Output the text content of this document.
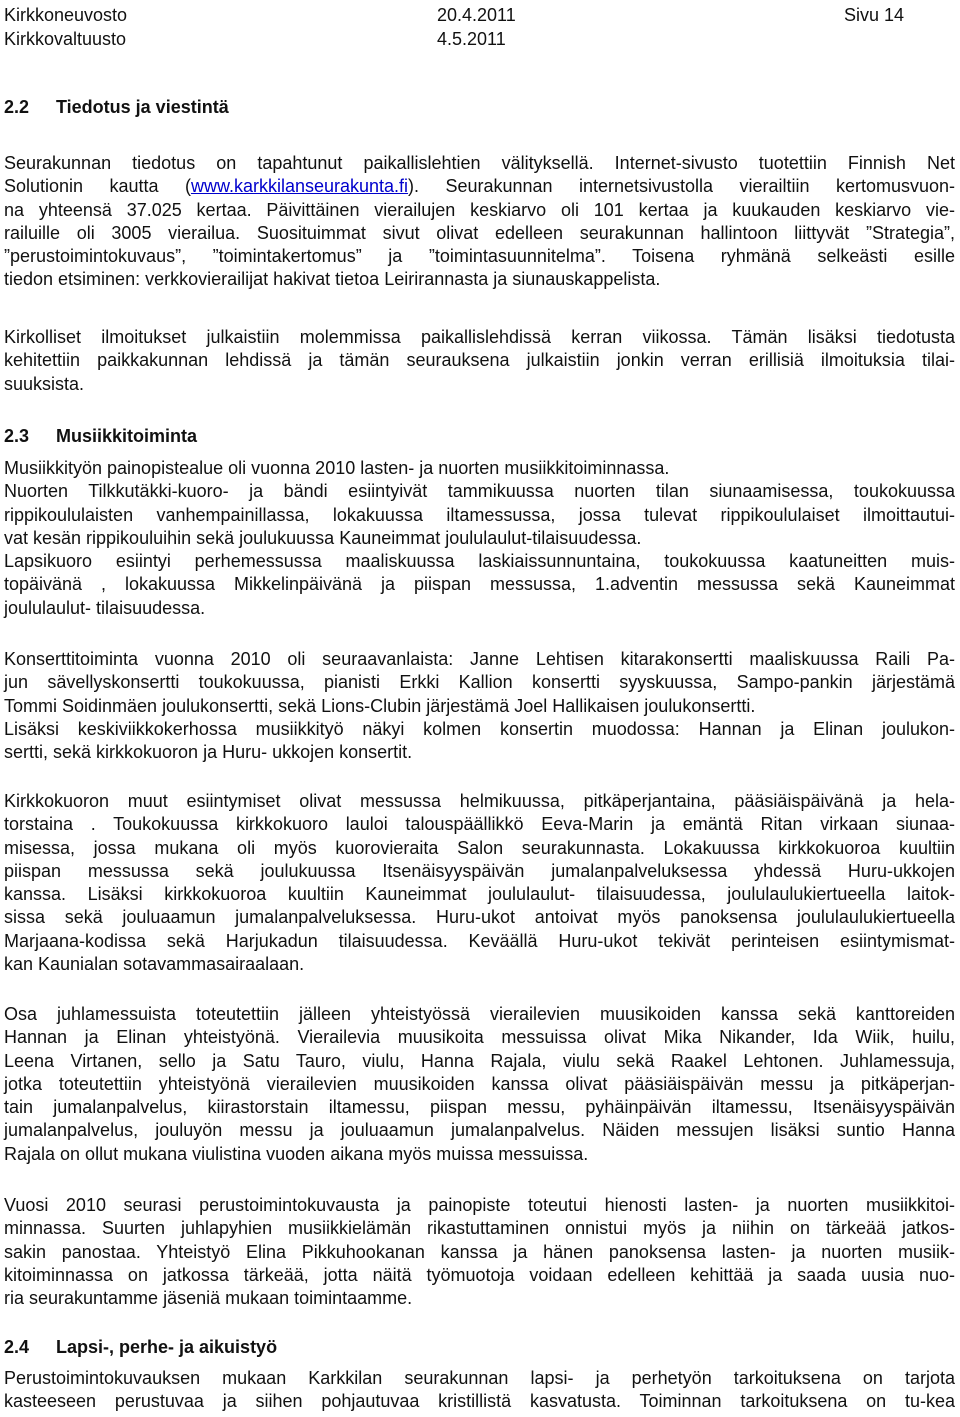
Kirkkoneuvosto	20.4.2011	Sivu 14
Kirkkovaltuusto	4.5.2011
2.2 Tiedotus ja viestintä
Seurakunnan tiedotus on tapahtunut paikallislehtien välityksellä. Internet-sivusto tuotettiin Finnish Net
Solutionin kautta (www.karkkilanseurakunta.fi). Seurakunnan internetsivustolla vierailtiin kertomusvuon-
na yhteensä 37.025 kertaa. Päivittäinen vierailujen keskiarvo oli 101 kertaa ja kuukauden keskiarvo vie-
railuille oli 3005 vierailua. Suosituimmat sivut olivat edelleen seurakunnan hallintoon liittyvät ”Strategia”,
”perustoimintokuvaus”, ”toimintakertomus” ja ”toimintasuunnitelma”. Toisena ryhmänä selkeästi esille
tiedon etsiminen: verkkovierailijat hakivat tietoa Leirirannasta ja siunauskappelista.
Kirkolliset ilmoitukset julkaistiin molemmissa paikallislehdissä kerran viikossa. Tämän lisäksi tiedotusta
kehitettiin paikkakunnan lehdissä ja tämän seurauksena julkaistiin jonkin verran erillisiä ilmoituksia tilai-
suuksista.
2.3 Musiikkitoiminta
Musiikkityön painopistealue oli vuonna 2010 lasten- ja nuorten musiikkitoiminnassa.
Nuorten Tilkkutäkki-kuoro- ja bändi esiintyivät tammikuussa nuorten tilan siunaamisessa, toukokuussa
rippikoululaisten vanhempainillassa, lokakuussa iltamessussa, jossa tulevat rippikoululaiset ilmoittautui-
vat kesän rippikouluihin sekä joulukuussa Kauneimmat joululaulut-tilaisuudessa.
Lapsikuoro esiintyi perhemessussa maaliskuussa laskiaissunnuntaina, toukokuussa kaatuneitten muis-
topäivänä , lokakuussa Mikkelinpäivänä ja piispan messussa, 1.adventin messussa sekä Kauneimmat
joululaulut- tilaisuudessa.
Konserttitoiminta vuonna 2010 oli seuraavanlaista: Janne Lehtisen kitarakonsertti maaliskuussa Raili Pa-
jun sävellyskonsertti toukokuussa, pianisti Erkki Kallion konsertti syyskuussa, Sampo-pankin järjestämä
Tommi Soidinmäen joulukonsertti, sekä Lions-Clubin järjestämä Joel Hallikaisen joulukonsertti.
Lisäksi keskiviikkokerhossa musiikkityö näkyi kolmen konsertin muodossa: Hannan ja Elinan joulukon-
sertti, sekä kirkkokuoron ja Huru- ukkojen konsertit.
Kirkkokuoron muut esiintymiset olivat messussa helmikuussa, pitkäperjantaina, pääsiäispäivänä ja hela-
torstaina . Toukokuussa kirkkokuoro lauloi talouspäällikkö Eeva-Marin ja emäntä Ritan virkaan siunaa-
misessa, jossa mukana oli myös kuorovieraita Salon seurakunnasta. Lokakuussa kirkkokuoroa kuultiin
piispan messussa sekä joulukuussa Itsenäisyyspäivän jumalanpalveluksessa yhdessä Huru-ukkojen
kanssa. Lisäksi kirkkokuoroa kuultiin Kauneimmat joululaulut- tilaisuudessa, joululaulukiertueella laitok-
sissa sekä jouluaamun jumalanpalveluksessa. Huru-ukot antoivat myös panoksensa joululaulukiertueella
Marjaana-kodissa sekä Harjukadun tilaisuudessa. Keväällä Huru-ukot tekivät perinteisen esiintymismat-
kan Kaunialan sotavammasairaalaan.
Osa juhlamessuista toteutettiin jälleen yhteistyössä vierailevien muusikoiden kanssa sekä kanttoreiden
Hannan ja Elinan yhteistyönä. Vierailevia muusikoita messuissa olivat Mika Nikander, Ida Wiik, huilu,
Leena Virtanen, sello ja Satu Tauro, viulu, Hanna Rajala, viulu sekä Raakel Lehtonen. Juhlamessuja,
jotka toteutettiin yhteistyönä vierailevien muusikoiden kanssa olivat pääsiäispäivän messu ja pitkäperjan-
tain jumalanpalvelus, kiirastorstain iltamessu, piispan messu, pyhäinpäivän iltamessu, Itsenäisyyspäivän
jumalanpalvelus, jouluyön messu ja jouluaamun jumalanpalvelus. Näiden messujen lisäksi suntio Hanna
Rajala on ollut mukana viulistina vuoden aikana myös muissa messuissa.
Vuosi 2010 seurasi perustoimintokuvausta ja painopiste toteutui hienosti lasten- ja nuorten musiikkitoi-
minnassa. Suurten juhlapyhien musiikkielämän rikastuttaminen onnistui myös ja niihin on tärkeää jatkos-
sakin panostaa. Yhteistyö Elina Pikkuhookanan kanssa ja hänen panoksensa lasten- ja nuorten musiik-
kitoiminnassa on jatkossa tärkeää, jotta näitä työmuotoja voidaan edelleen kehittää ja saada uusia nuo-
ria seurakuntamme jäseniä mukaan toimintaamme.
2.4 Lapsi-, perhe- ja aikuistyö
Perustoimintokuvauksen mukaan Karkkilan seurakunnan lapsi- ja perhetyön tarkoituksena on tarjota
kasteeseen perustuvaa ja siihen pohjautuvaa kristillistä kasvatusta. Toiminnan tarkoituksena on tu-kea
